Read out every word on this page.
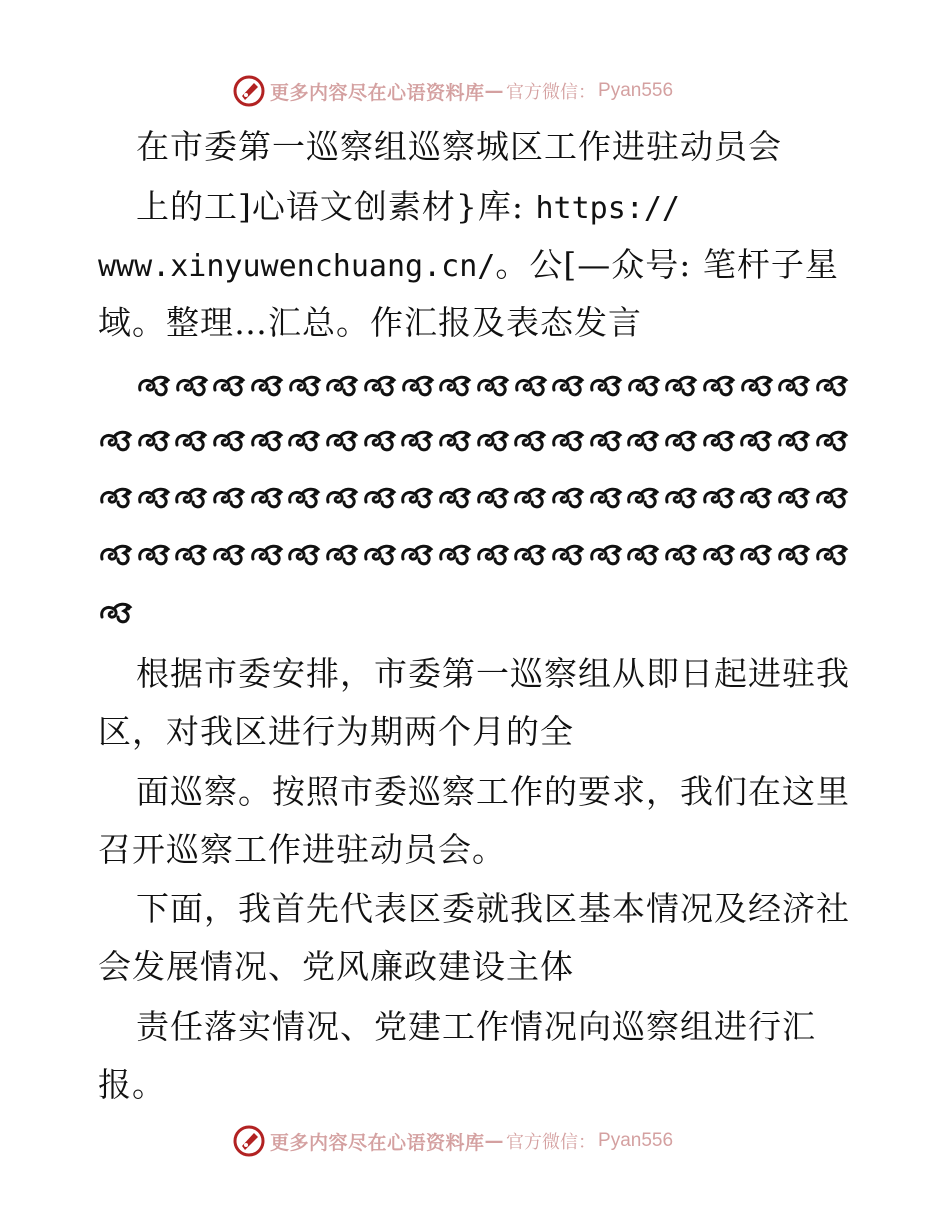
更多内容尽在心语资料库 — 官方微信： Pyan556
在市委第一巡察组巡察城区工作进驻动员会
上的工]心语文创素材}库: https://
www.xinyuwenchuang.cn/。公[—众号: 笔杆子星
域。整理…汇总。作汇报及表态发言
根据市委安排，市委第一巡察组从即日起进驻我
区，对我区进行为期两个月的全
面巡察。按照市委巡察工作的要求，我们在这里
召开巡察工作进驻动员会。
下面，我首先代表区委就我区基本情况及经济社
会发展情况、党风廉政建设主体
责任落实情况、党建工作情况向巡察组进行汇
报。
更多内容尽在心语资料库 — 官方微信： Pyan556
